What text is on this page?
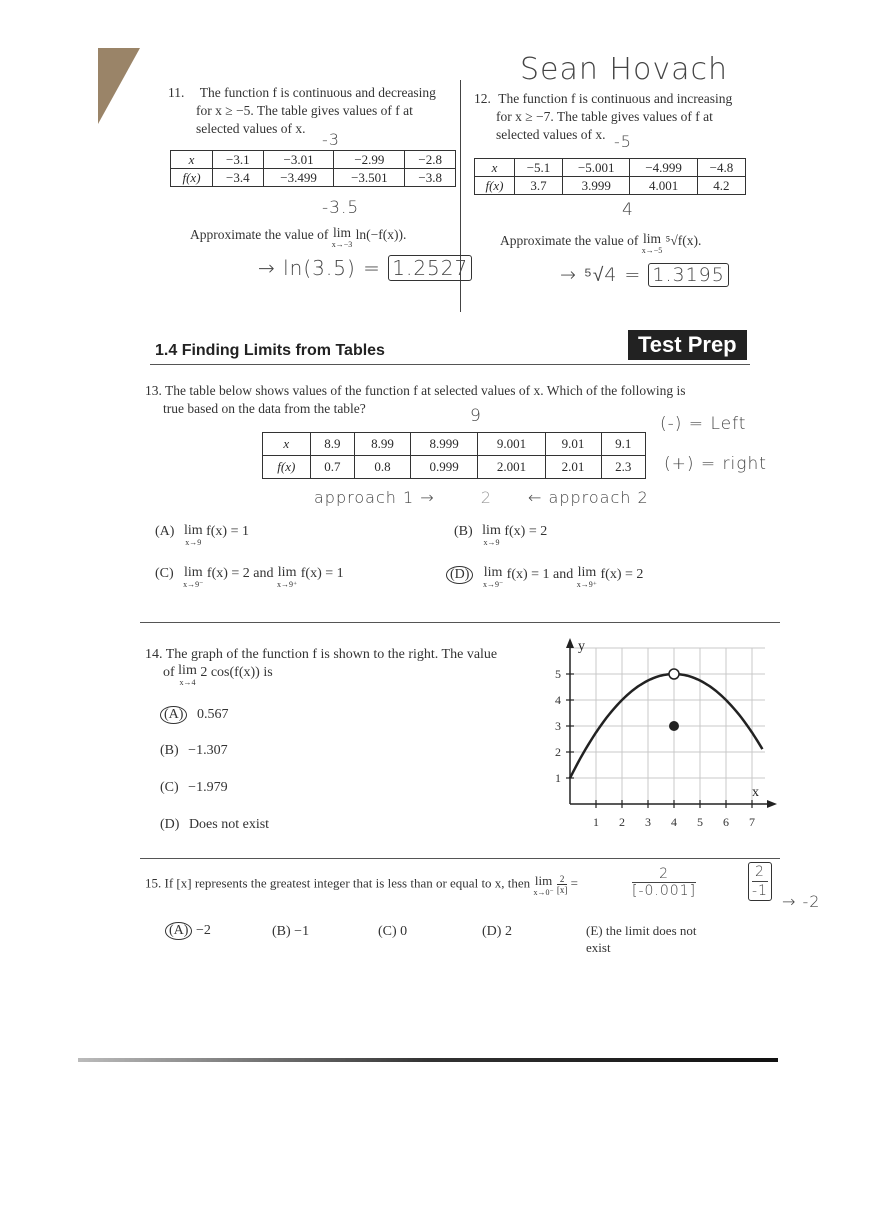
Sean Hovach
11. The function f is continuous and decreasing
for x ≥ −5. The table gives values of f at
selected values of x.
-3
x	−3.1	−3.01	−2.99	−2.8
f(x)	−3.4	−3.499	−3.501	−3.8
-3.5
Approximate the value of lim
x→−3
ln(−f(x)).
→ ln(3.5) = 1.2527
12. The function f is continuous and increasing
for x ≥ −7. The table gives values of f at
selected values of x. -5
x	−5.1	−5.001	−4.999	−4.8
f(x)	3.7	3.999	4.001	4.2
4
Approximate the value of lim
x→−5
⁵√f(x).
→ ⁵√4 = 1.3195
1.4 Finding Limits from Tables	Test Prep
13. The table below shows values of the function f at selected values of x. Which of the following is
true based on the data from the table?	9	(-) = Left
(+) = right
x	8.9	8.99	8.999	9.001	9.01	9.1
f(x)	0.7	0.8	0.999	2.001	2.01	2.3
approach 1 →	2 ← approach 2
(A) lim
x→9
f(x) = 1	(B) lim
x→9
f(x) = 2
(C) lim
x→9⁻
f(x) = 2 and lim
x→9⁺
f(x) = 1	(D) lim
x→9⁻
f(x) = 1 and lim
x→9⁺
f(x) = 2
14. The graph of the function f is shown to the right. The value
of lim
x→4
2 cos(f(x)) is
(A) 0.567
(B) −1.307
(C) −1.979
(D) Does not exist	1 2 3 4 5 6 7
1
2
3
4
5
y
x
15. If [x] represents the greatest integer that is less than or equal to x, then lim
x→0⁻
$\frac{2}{[x]}$ =
2
[-0.001]	$\frac{2}{-1}$
→ -2
(A) −2	(B) −1	(C) 0	(D) 2	(E) the limit does not exist
